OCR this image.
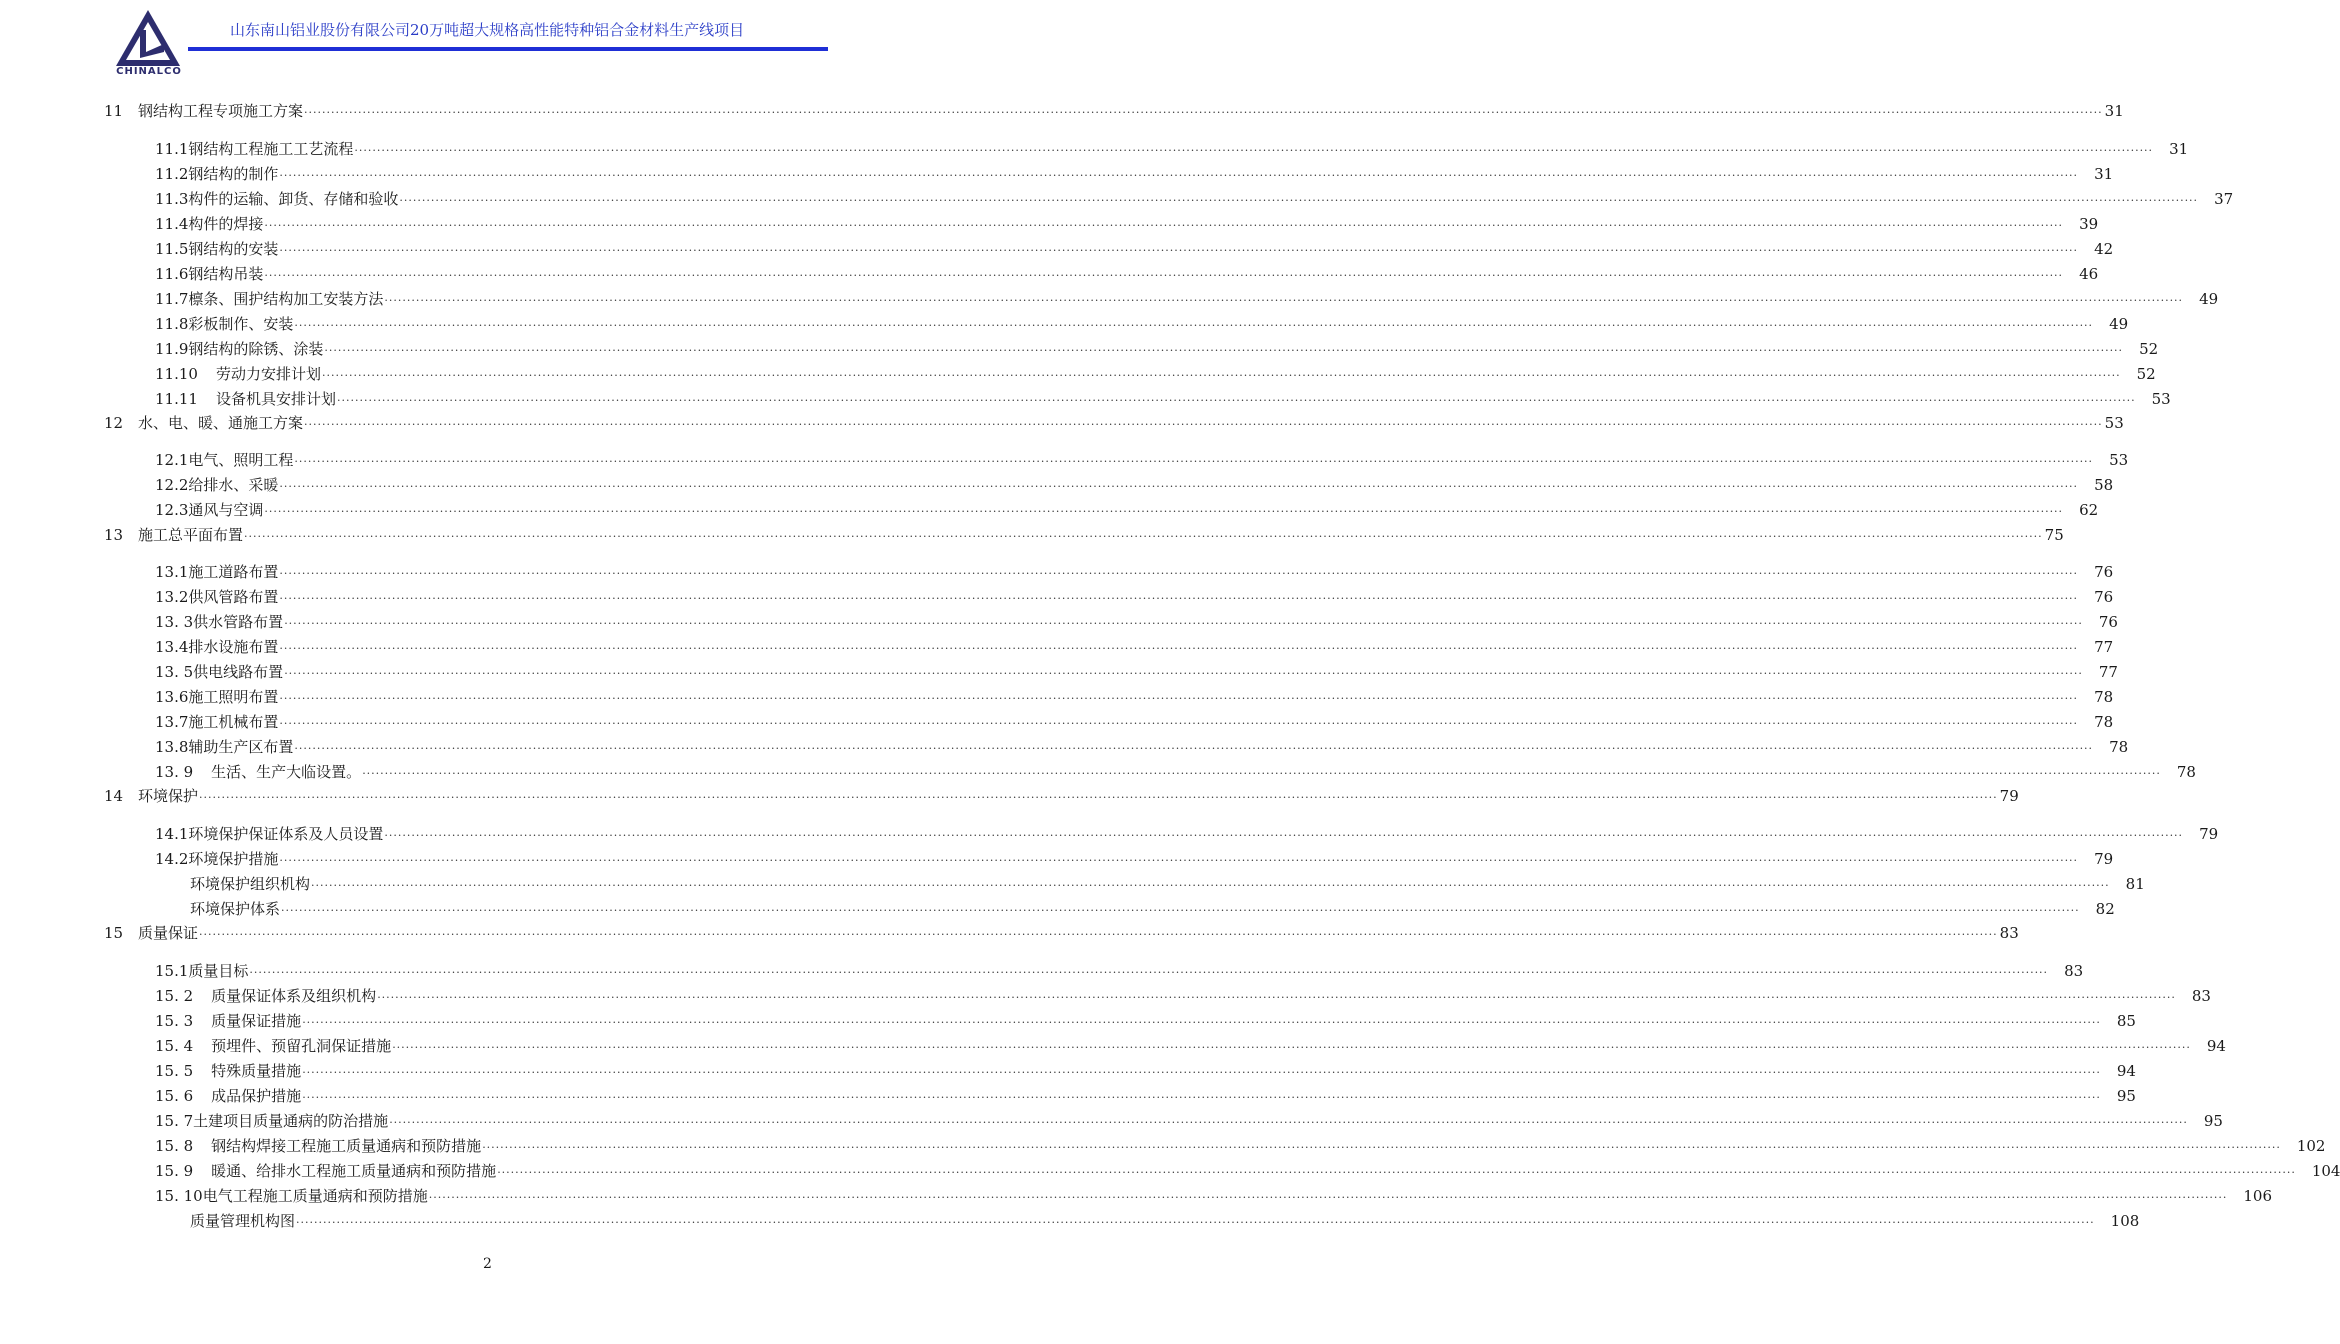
CHINALCO
山东南山铝业股份有限公司20万吨超大规格高性能特种铝合金材料生产线项目
11 钢结构工程专项施工方案 ................................................................................................................................................................................................................................................................................................................................................................................................................ 31
11.1钢结构工程施工工艺流程 ................................................................................................................................................................................................................................................................................................................................................................................................................	31
11.2钢结构的制作 ................................................................................................................................................................................................................................................................................................................................................................................................................	31
11.3构件的运输、卸货、存储和验收 ................................................................................................................................................................................................................................................................................................................................................................................................................	37
11.4构件的焊接 ................................................................................................................................................................................................................................................................................................................................................................................................................	39
11.5钢结构的安装 ................................................................................................................................................................................................................................................................................................................................................................................................................	42
11.6钢结构吊装 ................................................................................................................................................................................................................................................................................................................................................................................................................	46
11.7檩条、围护结构加工安装方法 ................................................................................................................................................................................................................................................................................................................................................................................................................	49
11.8彩板制作、安装 ................................................................................................................................................................................................................................................................................................................................................................................................................	49
11.9钢结构的除锈、涂装 ................................................................................................................................................................................................................................................................................................................................................................................................................	52
11.10 劳动力安排计划 ................................................................................................................................................................................................................................................................................................................................................................................................................	52
11.11 设备机具安排计划 ................................................................................................................................................................................................................................................................................................................................................................................................................	53
12 水、电、暖、通施工方案 ................................................................................................................................................................................................................................................................................................................................................................................................................ 53
12.1电气、照明工程 ................................................................................................................................................................................................................................................................................................................................................................................................................	53
12.2给排水、采暖 ................................................................................................................................................................................................................................................................................................................................................................................................................	58
12.3通风与空调 ................................................................................................................................................................................................................................................................................................................................................................................................................	62
13 施工总平面布置 ................................................................................................................................................................................................................................................................................................................................................................................................................ 75
13.1施工道路布置 ................................................................................................................................................................................................................................................................................................................................................................................................................	76
13.2供风管路布置 ................................................................................................................................................................................................................................................................................................................................................................................................................	76
13. 3供水管路布置 ................................................................................................................................................................................................................................................................................................................................................................................................................	76
13.4排水设施布置 ................................................................................................................................................................................................................................................................................................................................................................................................................	77
13. 5供电线路布置 ................................................................................................................................................................................................................................................................................................................................................................................................................	77
13.6施工照明布置 ................................................................................................................................................................................................................................................................................................................................................................................................................	78
13.7施工机械布置 ................................................................................................................................................................................................................................................................................................................................................................................................................	78
13.8辅助生产区布置 ................................................................................................................................................................................................................................................................................................................................................................................................................	78
13. 9 生活、生产大临设置。 ................................................................................................................................................................................................................................................................................................................................................................................................................	78
14 环境保护 ................................................................................................................................................................................................................................................................................................................................................................................................................ 79
14.1环境保护保证体系及人员设置 ................................................................................................................................................................................................................................................................................................................................................................................................................	79
14.2环境保护措施 ................................................................................................................................................................................................................................................................................................................................................................................................................	79
环境保护组织机构 ................................................................................................................................................................................................................................................................................................................................................................................................................	81
环境保护体系 ................................................................................................................................................................................................................................................................................................................................................................................................................	82
15 质量保证 ................................................................................................................................................................................................................................................................................................................................................................................................................ 83
15.1质量目标 ................................................................................................................................................................................................................................................................................................................................................................................................................	83
15. 2 质量保证体系及组织机构 ................................................................................................................................................................................................................................................................................................................................................................................................................	83
15. 3 质量保证措施 ................................................................................................................................................................................................................................................................................................................................................................................................................	85
15. 4 预埋件、预留孔洞保证措施 ................................................................................................................................................................................................................................................................................................................................................................................................................	94
15. 5 特殊质量措施 ................................................................................................................................................................................................................................................................................................................................................................................................................	94
15. 6 成品保护措施 ................................................................................................................................................................................................................................................................................................................................................................................................................	95
15. 7土建项目质量通病的防治措施 ................................................................................................................................................................................................................................................................................................................................................................................................................	95
15. 8 钢结构焊接工程施工质量通病和预防措施 ................................................................................................................................................................................................................................................................................................................................................................................................................	102
15. 9 暖通、给排水工程施工质量通病和预防措施 ................................................................................................................................................................................................................................................................................................................................................................................................................	104
15. 10电气工程施工质量通病和预防措施 ................................................................................................................................................................................................................................................................................................................................................................................................................	106
质量管理机构图 ................................................................................................................................................................................................................................................................................................................................................................................................................	108
2
